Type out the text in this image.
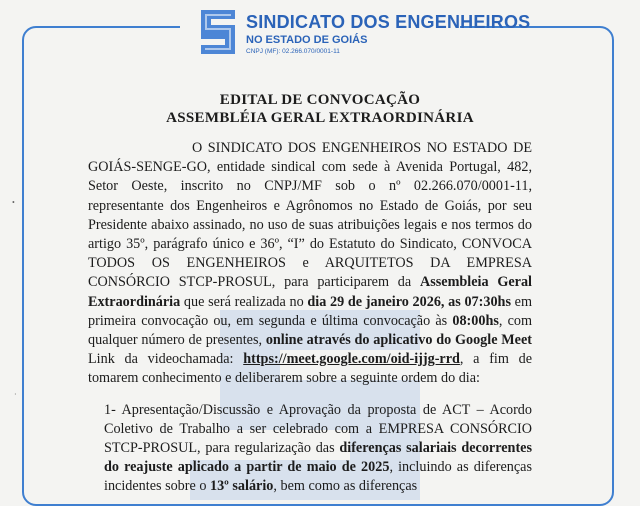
SINDICATO DOS ENGENHEIROS
NO ESTADO DE GOIÁS
CNPJ (MF): 02.266.070/0001-11
EDITAL DE CONVOCAÇÃO
ASSEMBLÉIA GERAL EXTRAORDINÁRIA

O SINDICATO DOS ENGENHEIROS NO ESTADO DE GOIÁS-SENGE-GO, entidade sindical com sede à Avenida Portugal, 482, Setor Oeste, inscrito no CNPJ/MF sob o nº 02.266.070/0001-11, representante dos Engenheiros e Agrônomos no Estado de Goiás, por seu Presidente abaixo assinado, no uso de suas atribuições legais e nos termos do artigo 35º, parágrafo único e 36º, “I” do Estatuto do Sindicato, CONVOCA TODOS OS ENGENHEIROS e ARQUITETOS DA EMPRESA CONSÓRCIO STCP-PROSUL, para participarem da Assembleia Geral Extraordinária que será realizada no dia 29 de janeiro 2026, as 07:30hs em primeira convocação ou, em segunda e última convocação às 08:00hs, com qualquer número de presentes, online através do aplicativo do Google Meet Link da videochamada: https://meet.google.com/oid-ijjg-rrd, a fim de tomarem conhecimento e deliberarem sobre a seguinte ordem do dia:

1- Apresentação/Discussão e Aprovação da proposta de ACT – Acordo Coletivo de Trabalho a ser celebrado com a EMPRESA CONSÓRCIO STCP-PROSUL, para regularização das diferenças salariais decorrentes do reajuste aplicado a partir de maio de 2025, incluindo as diferenças incidentes sobre o 13º salário, bem como as diferenças

•
·
